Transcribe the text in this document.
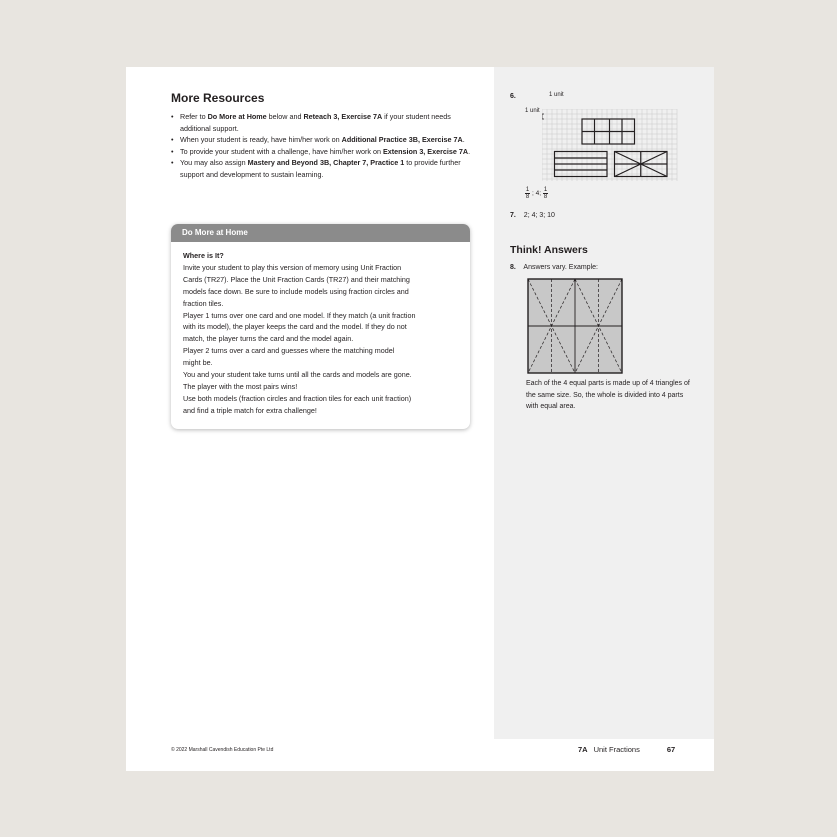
6.	1 unit
1 unit
1
8 ; 4; 1
8
7. 2; 4; 3; 10
Think! Answers
8. Answers vary. Example:

Each of the 4 equal parts is made up of 4 triangles of the same size. So, the whole is divided into 4 parts with equal area.

More Resources
• Refer to Do More at Home below and Reteach 3, Exercise 7A if your student needs additional support.
• When your student is ready, have him/her work on Additional Practice 3B, Exercise 7A.
• To provide your student with a challenge, have him/her work on Extension 3, Exercise 7A.
• You may also assign Mastery and Beyond 3B, Chapter 7, Practice 1 to provide further support and development to sustain learning.
Do More at Home

Where is It?

Invite your student to play this version of memory using Unit Fraction

Cards (TR27). Place the Unit Fraction Cards (TR27) and their matching

models face down. Be sure to include models using fraction circles and

fraction tiles.

Player 1 turns over one card and one model. If they match (a unit fraction

with its model), the player keeps the card and the model. If they do not

match, the player turns the card and the model again.

Player 2 turns over a card and guesses where the matching model

might be.

You and your student take turns until all the cards and models are gone.

The player with the most pairs wins!

Use both models (fraction circles and fraction tiles for each unit fraction)

and find a triple match for extra challenge!

© 2022 Marshall Cavendish Education Pte Ltd	7A Unit Fractions	67
